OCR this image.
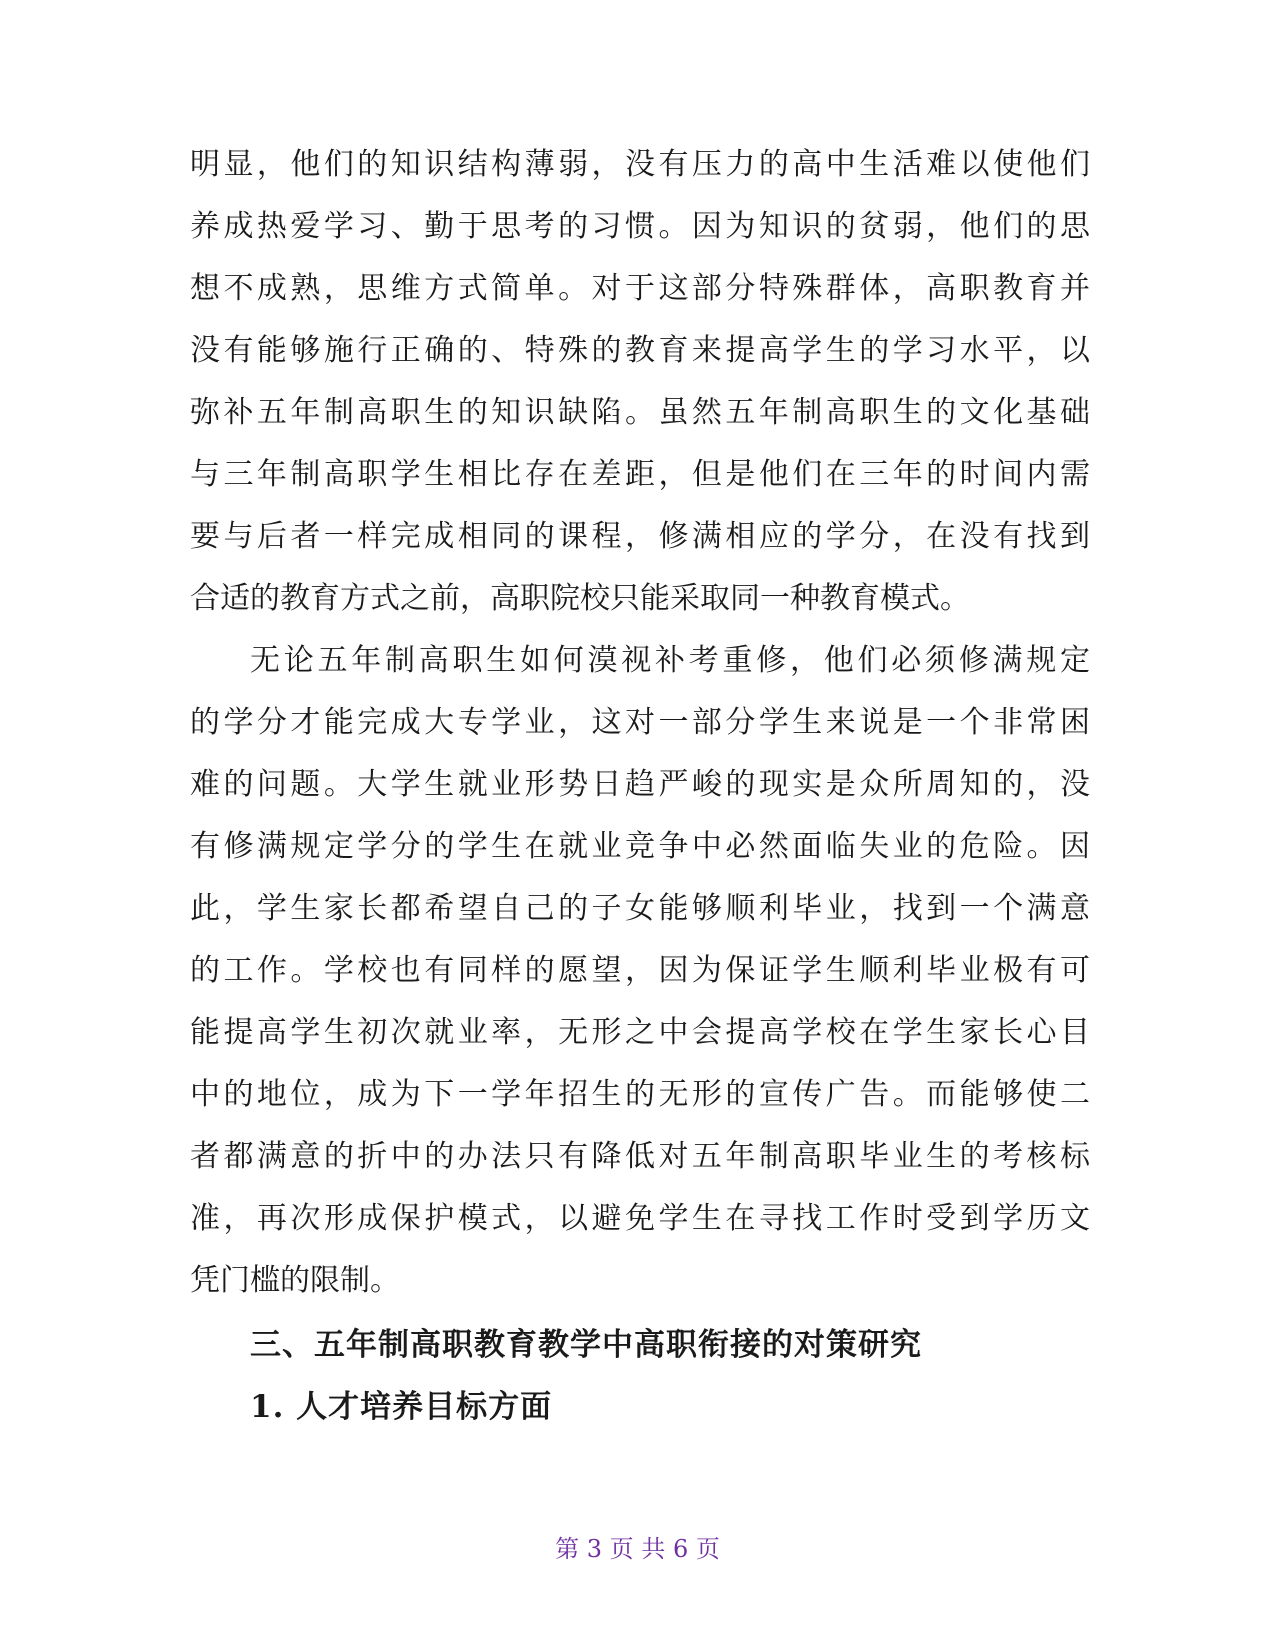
明显，他们的知识结构薄弱，没有压力的高中生活难以使他们
养成热爱学习、勤于思考的习惯。因为知识的贫弱，他们的思
想不成熟，思维方式简单。对于这部分特殊群体，高职教育并
没有能够施行正确的、特殊的教育来提高学生的学习水平，以
弥补五年制高职生的知识缺陷。虽然五年制高职生的文化基础
与三年制高职学生相比存在差距，但是他们在三年的时间内需
要与后者一样完成相同的课程，修满相应的学分，在没有找到
合适的教育方式之前，高职院校只能采取同一种教育模式。
无论五年制高职生如何漠视补考重修，他们必须修满规定
的学分才能完成大专学业，这对一部分学生来说是一个非常困
难的问题。大学生就业形势日趋严峻的现实是众所周知的，没
有修满规定学分的学生在就业竞争中必然面临失业的危险。因
此，学生家长都希望自己的子女能够顺利毕业，找到一个满意
的工作。学校也有同样的愿望，因为保证学生顺利毕业极有可
能提高学生初次就业率，无形之中会提高学校在学生家长心目
中的地位，成为下一学年招生的无形的宣传广告。而能够使二
者都满意的折中的办法只有降低对五年制高职毕业生的考核标
准，再次形成保护模式，以避免学生在寻找工作时受到学历文
凭门槛的限制。
三、五年制高职教育教学中高职衔接的对策研究
1. 人才培养目标方面
第 3 页 共 6 页
